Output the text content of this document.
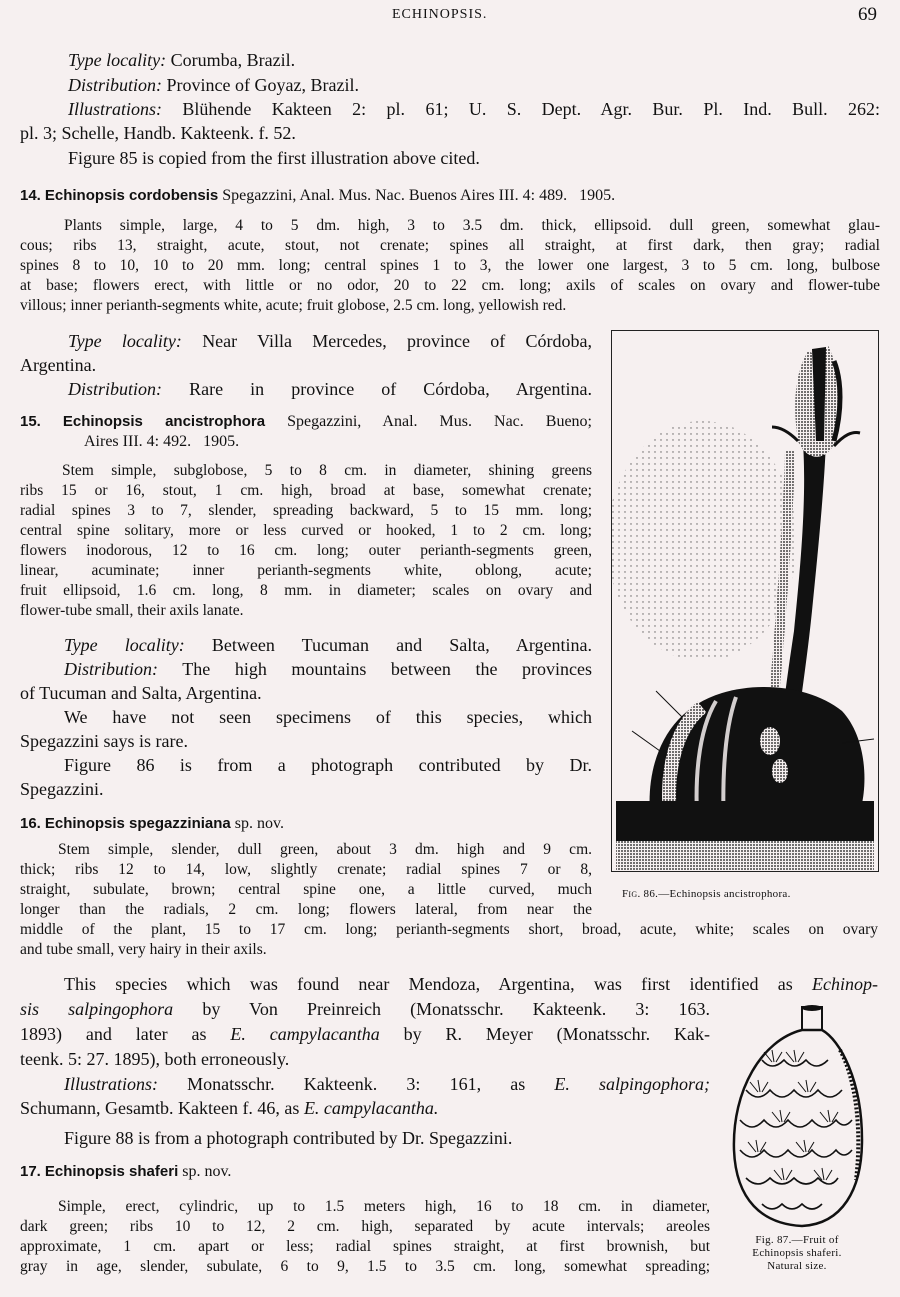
ECHINOPSIS.	69
Type locality: Corumba, Brazil.
Distribution: Province of Goyaz, Brazil.
Illustrations: Blühende Kakteen 2: pl. 61; U. S. Dept. Agr. Bur. Pl. Ind. Bull. 262:
pl. 3; Schelle, Handb. Kakteenk. f. 52.
Figure 85 is copied from the first illustration above cited.
14. Echinopsis cordobensis Spegazzini, Anal. Mus. Nac. Buenos Aires III. 4: 489.   1905.
Plants simple, large, 4 to 5 dm. high, 3 to 3.5 dm. thick, ellipsoid. dull green, somewhat glau-
cous; ribs 13, straight, acute, stout, not crenate; spines all straight, at first dark, then gray; radial
spines 8 to 10, 10 to 20 mm. long; central spines 1 to 3, the lower one largest, 3 to 5 cm. long, bulbose
at base; flowers erect, with little or no odor, 20 to 22 cm. long; axils of scales on ovary and flower-tube
villous; inner perianth-segments white, acute; fruit globose, 2.5 cm. long, yellowish red.
Type locality: Near Villa Mercedes, province of Córdoba,
Argentina.
Distribution: Rare in province of Córdoba, Argentina.
15. Echinopsis ancistrophora Spegazzini, Anal. Mus. Nac. Bueno;
Aires III. 4: 492.   1905.
Stem simple, subglobose, 5 to 8 cm. in diameter, shining greens
ribs 15 or 16, stout, 1 cm. high, broad at base, somewhat crenate;
radial spines 3 to 7, slender, spreading backward, 5 to 15 mm. long;
central spine solitary, more or less curved or hooked, 1 to 2 cm. long;
flowers inodorous, 12 to 16 cm. long; outer perianth-segments green,
linear, acuminate; inner perianth-segments white, oblong, acute;
fruit ellipsoid, 1.6 cm. long, 8 mm. in diameter; scales on ovary and
flower-tube small, their axils lanate.
Type locality: Between Tucuman and Salta, Argentina.
Distribution: The high mountains between the provinces
of Tucuman and Salta, Argentina.
We have not seen specimens of this species, which
Spegazzini says is rare.
Figure 86 is from a photograph contributed by Dr.
Spegazzini.
Fig. 86.—Echinopsis ancistrophora.
16. Echinopsis spegazziniana sp. nov.
Stem simple, slender, dull green, about 3 dm. high and 9 cm.
thick; ribs 12 to 14, low, slightly crenate; radial spines 7 or 8,
straight, subulate, brown; central spine one, a little curved, much
longer than the radials, 2 cm. long; flowers lateral, from near the
middle of the plant, 15 to 17 cm. long; perianth-segments short, broad, acute, white; scales on ovary
and tube small, very hairy in their axils.
This species which was found near Mendoza, Argentina, was first identified as Echinop-
sis salpingophora by Von Preinreich (Monatsschr. Kakteenk. 3: 163.
1893) and later as E. campylacantha by R. Meyer (Monatsschr. Kak-
teenk. 5: 27. 1895), both erroneously.
Illustrations: Monatsschr. Kakteenk. 3: 161, as E. salpingophora;
Schumann, Gesamtb. Kakteen f. 46, as E. campylacantha.
Figure 88 is from a photograph contributed by Dr. Spegazzini.
Fig. 87.—Fruit of
Echinopsis shaferi.
Natural size.
17. Echinopsis shaferi sp. nov.
Simple, erect, cylindric, up to 1.5 meters high, 16 to 18 cm. in diameter,
dark green; ribs 10 to 12, 2 cm. high, separated by acute intervals; areoles
approximate, 1 cm. apart or less; radial spines straight, at first brownish, but
gray in age, slender, subulate, 6 to 9, 1.5 to 3.5 cm. long, somewhat spreading;
